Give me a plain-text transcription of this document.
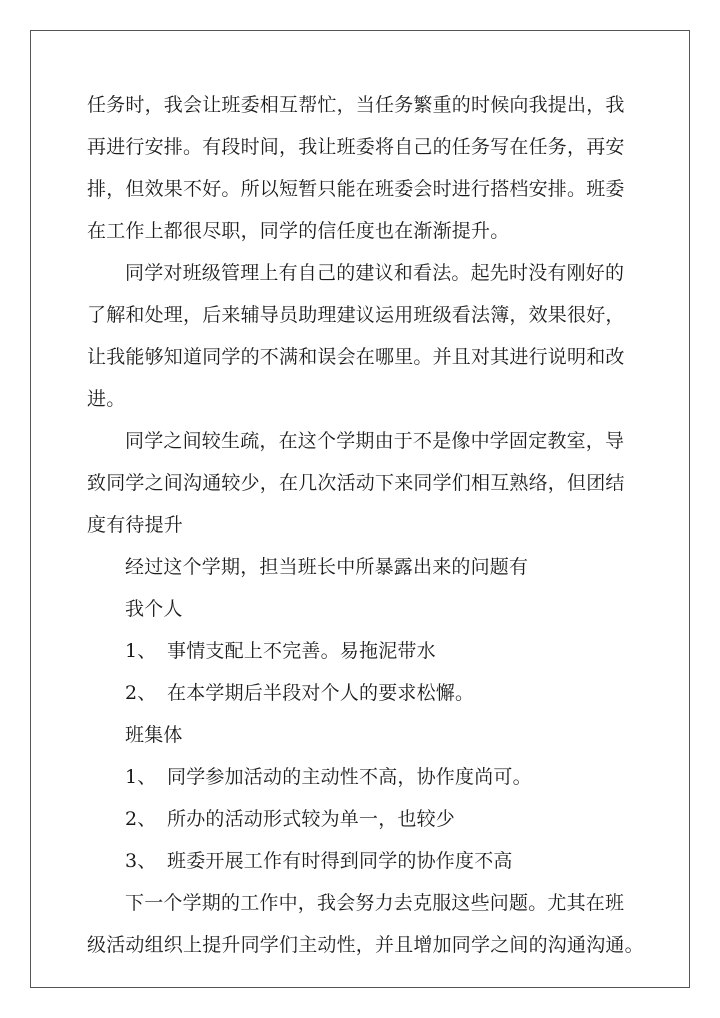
任务时，我会让班委相互帮忙，当任务繁重的时候向我提出，我
再进行安排。有段时间，我让班委将自己的任务写在任务，再安
排，但效果不好。所以短暂只能在班委会时进行搭档安排。班委
在工作上都很尽职，同学的信任度也在渐渐提升。
同学对班级管理上有自己的建议和看法。起先时没有刚好的
了解和处理，后来辅导员助理建议运用班级看法簿，效果很好，
让我能够知道同学的不满和误会在哪里。并且对其进行说明和改
进。
同学之间较生疏，在这个学期由于不是像中学固定教室，导
致同学之间沟通较少，在几次活动下来同学们相互熟络，但团结
度有待提升
经过这个学期，担当班长中所暴露出来的问题有
我个人
1、 事情支配上不完善。易拖泥带水
2、 在本学期后半段对个人的要求松懈。
班集体
1、 同学参加活动的主动性不高，协作度尚可。
2、 所办的活动形式较为单一，也较少
3、 班委开展工作有时得到同学的协作度不高
下一个学期的工作中，我会努力去克服这些问题。尤其在班
级活动组织上提升同学们主动性，并且增加同学之间的沟通沟通。
